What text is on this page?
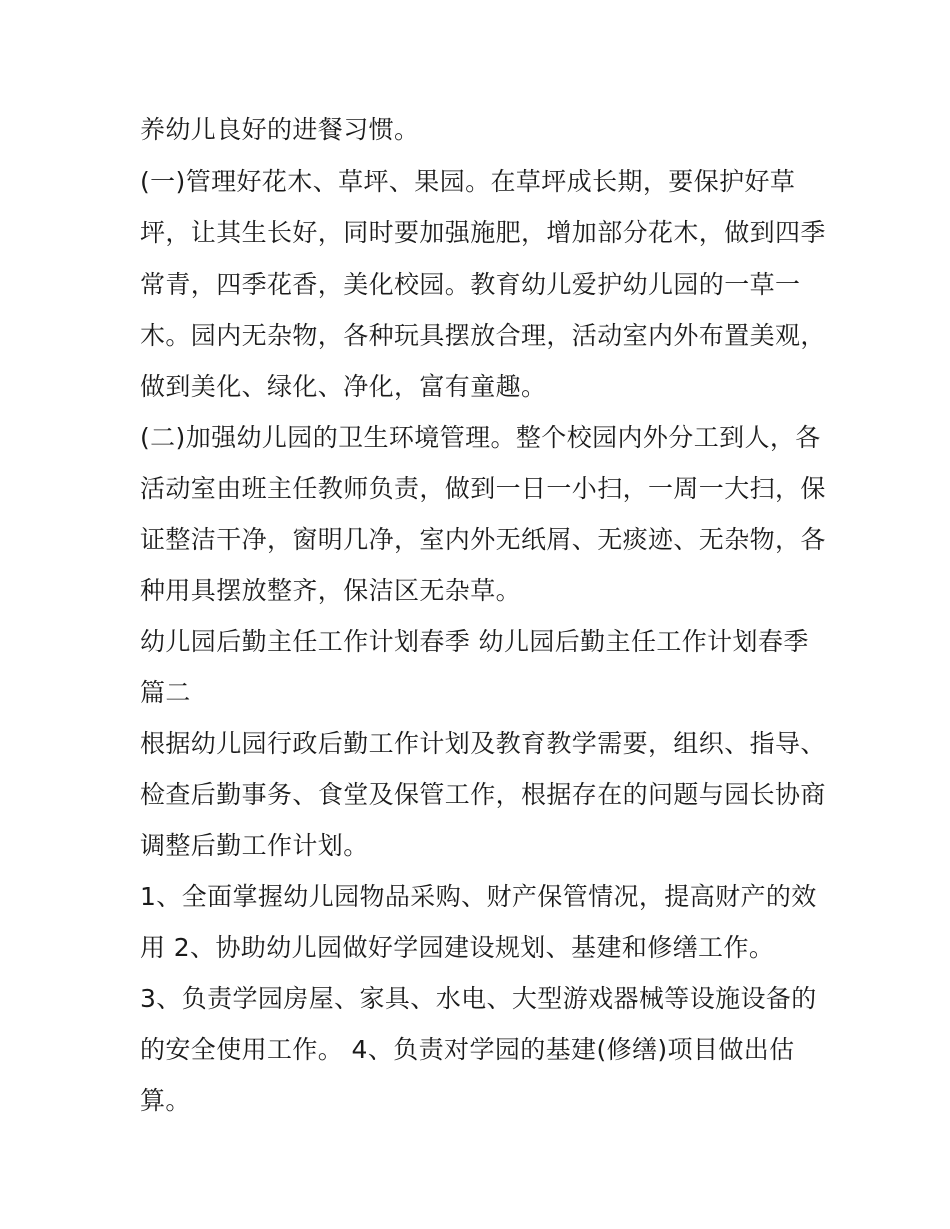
养幼儿良好的进餐习惯。
(一)管理好花木、草坪、果园。在草坪成长期，要保护好草
坪，让其生长好，同时要加强施肥，增加部分花木，做到四季
常青，四季花香，美化校园。教育幼儿爱护幼儿园的一草一
木。园内无杂物，各种玩具摆放合理，活动室内外布置美观，
做到美化、绿化、净化，富有童趣。
(二)加强幼儿园的卫生环境管理。整个校园内外分工到人，各
活动室由班主任教师负责，做到一日一小扫，一周一大扫，保
证整洁干净，窗明几净，室内外无纸屑、无痰迹、无杂物，各
种用具摆放整齐，保洁区无杂草。
幼儿园后勤主任工作计划春季 幼儿园后勤主任工作计划春季
篇二
根据幼儿园行政后勤工作计划及教育教学需要，组织、指导、
检查后勤事务、食堂及保管工作，根据存在的问题与园长协商
调整后勤工作计划。
1、全面掌握幼儿园物品采购、财产保管情况，提高财产的效
用 2、协助幼儿园做好学园建设规划、基建和修缮工作。
3、负责学园房屋、家具、水电、大型游戏器械等设施设备的
的安全使用工作。 4、负责对学园的基建(修缮)项目做出估
算。
